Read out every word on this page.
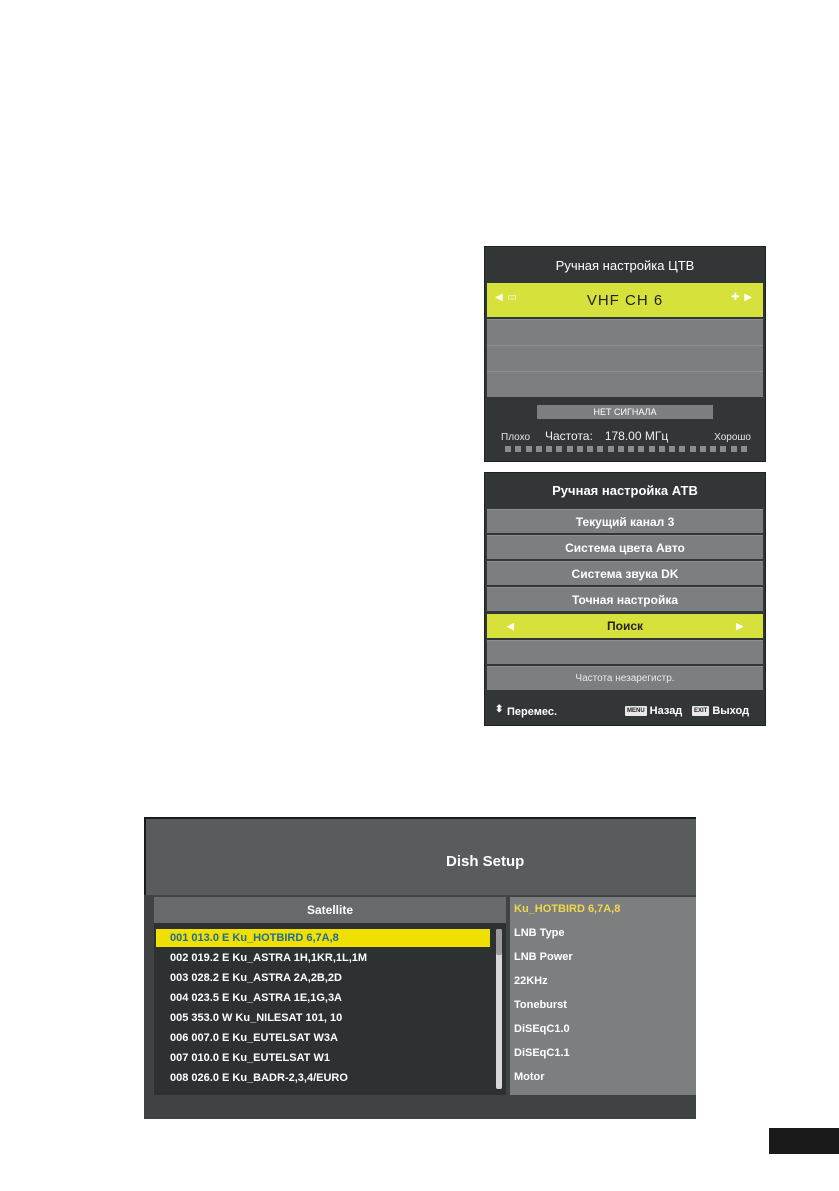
Ручная настройка ЦТВ
◀ ▭	VHF CH 6	✚ ▶
НЕТ СИГНАЛА
Плохо Частота: 178.00 МГц	Хорошо
Ручная настройка АТВ
Текущий канал 3
Система цвета Авто
Система звука DK
Точная настройка
◀	Поиск	▶
Частота незарегистр.
⬍ Перемес.	MENU Назад	EXIT Выход
Dish Setup
Satellite
001 013.0 E Ku_HOTBIRD 6,7A,8
002 019.2 E Ku_ASTRA 1H,1KR,1L,1M
003 028.2 E Ku_ASTRA 2A,2B,2D
004 023.5 E Ku_ASTRA 1E,1G,3A
005 353.0 W Ku_NILESAT 101, 10
006 007.0 E Ku_EUTELSAT W3A
007 010.0 E Ku_EUTELSAT W1
008 026.0 E Ku_BADR-2,3,4/EURO
Ku_HOTBIRD 6,7A,8
LNB Type
LNB Power
22KHz
Toneburst
DiSEqC1.0
DiSEqC1.1
Motor
